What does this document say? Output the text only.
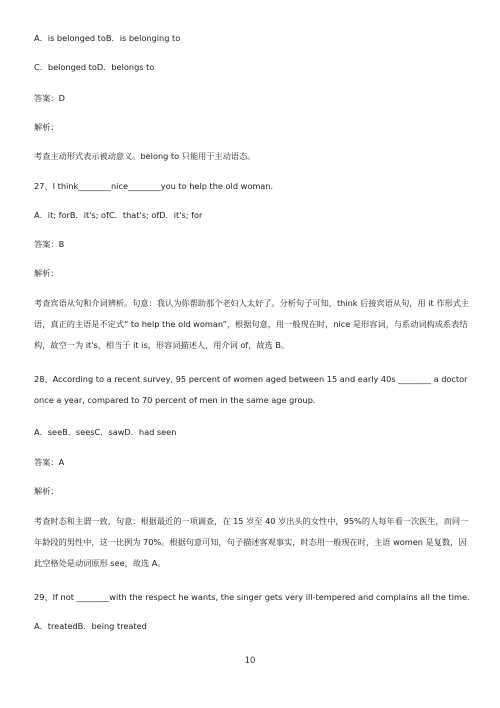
A．is belonged toB．is belonging to
C．belonged toD．belongs to
答案：D
解析：
考查主动形式表示被动意义。belong to 只能用于主动语态。
27、I think________nice________you to help the old woman.
A．it; forB．it's; ofC．that's; ofD．it's; for
答案：B
解析：
考查宾语从句和介词辨析。句意：我认为你帮助那个老妇人太好了。分析句子可知，think 后接宾语从句，用 it 作形式主语，真正的主语是不定式“ to help the old woman”，根据句意，用一般现在时，nice 是形容词，与系动词构成系表结构，故空一为 it's，相当于 it is，形容词描述人，用介词 of，故选 B。
28、According to a recent survey, 95 percent of women aged between 15 and early 40s ________ a doctor once a year, compared to 70 percent of men in the same age group.
A．seeB．seesC．sawD．had seen
答案：A
解析：
考查时态和主谓一致，句意：根据最近的一项调查，在 15 岁至 40 岁出头的女性中，95%的人每年看一次医生，而同一年龄段的男性中，这一比例为 70%。根据句意可知，句子描述客观事实，时态用一般现在时，主语 women 是复数，因此空格处是动词原形 see，故选 A。
29、If not ________with the respect he wants, the singer gets very ill-tempered and complains all the time.
A．treatedB．being treated
10
